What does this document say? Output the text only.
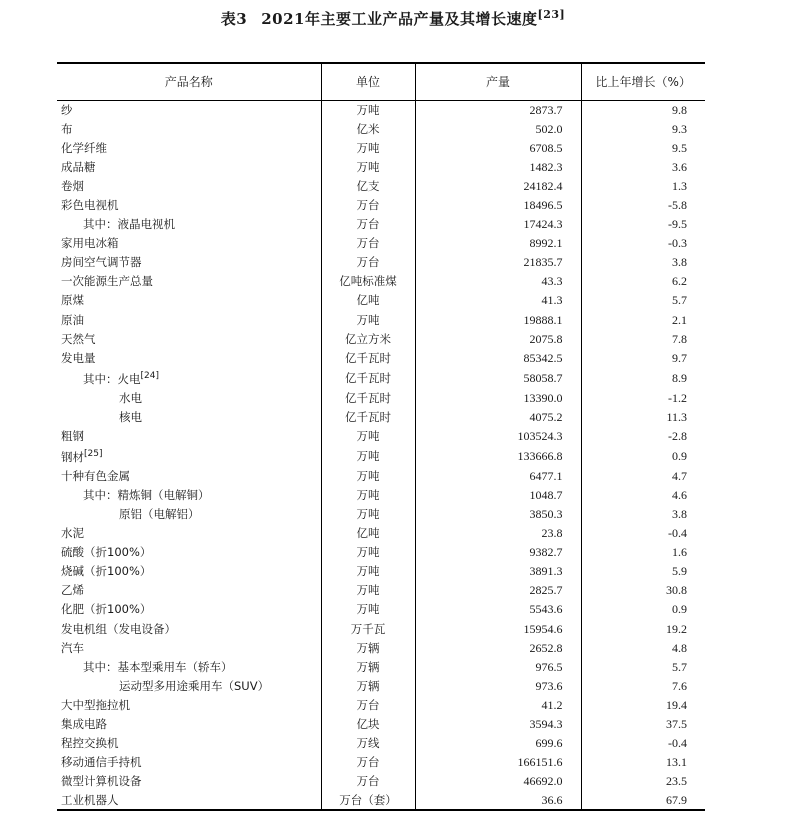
表3 2021年主要工业产品产量及其增长速度[23]
产品名称	单位	产量	比上年增长（%）
纱	万吨	2873.7	9.8
布	亿米	502.0	9.3
化学纤维	万吨	6708.5	9.5
成品糖	万吨	1482.3	3.6
卷烟	亿支	24182.4	1.3
彩色电视机	万台	18496.5	-5.8
其中：液晶电视机	万台	17424.3	-9.5
家用电冰箱	万台	8992.1	-0.3
房间空气调节器	万台	21835.7	3.8
一次能源生产总量	亿吨标准煤	43.3	6.2
原煤	亿吨	41.3	5.7
原油	万吨	19888.1	2.1
天然气	亿立方米	2075.8	7.8
发电量	亿千瓦时	85342.5	9.7
其中：火电[24]	亿千瓦时	58058.7	8.9
水电	亿千瓦时	13390.0	-1.2
核电	亿千瓦时	4075.2	11.3
粗钢	万吨	103524.3	-2.8
钢材[25]	万吨	133666.8	0.9
十种有色金属	万吨	6477.1	4.7
其中：精炼铜（电解铜）	万吨	1048.7	4.6
原铝（电解铝）	万吨	3850.3	3.8
水泥	亿吨	23.8	-0.4
硫酸（折100%）	万吨	9382.7	1.6
烧碱（折100%）	万吨	3891.3	5.9
乙烯	万吨	2825.7	30.8
化肥（折100%）	万吨	5543.6	0.9
发电机组（发电设备）	万千瓦	15954.6	19.2
汽车	万辆	2652.8	4.8
其中：基本型乘用车（轿车）	万辆	976.5	5.7
运动型多用途乘用车（SUV）	万辆	973.6	7.6
大中型拖拉机	万台	41.2	19.4
集成电路	亿块	3594.3	37.5
程控交换机	万线	699.6	-0.4
移动通信手持机	万台	166151.6	13.1
微型计算机设备	万台	46692.0	23.5
工业机器人	万台（套）	36.6	67.9
